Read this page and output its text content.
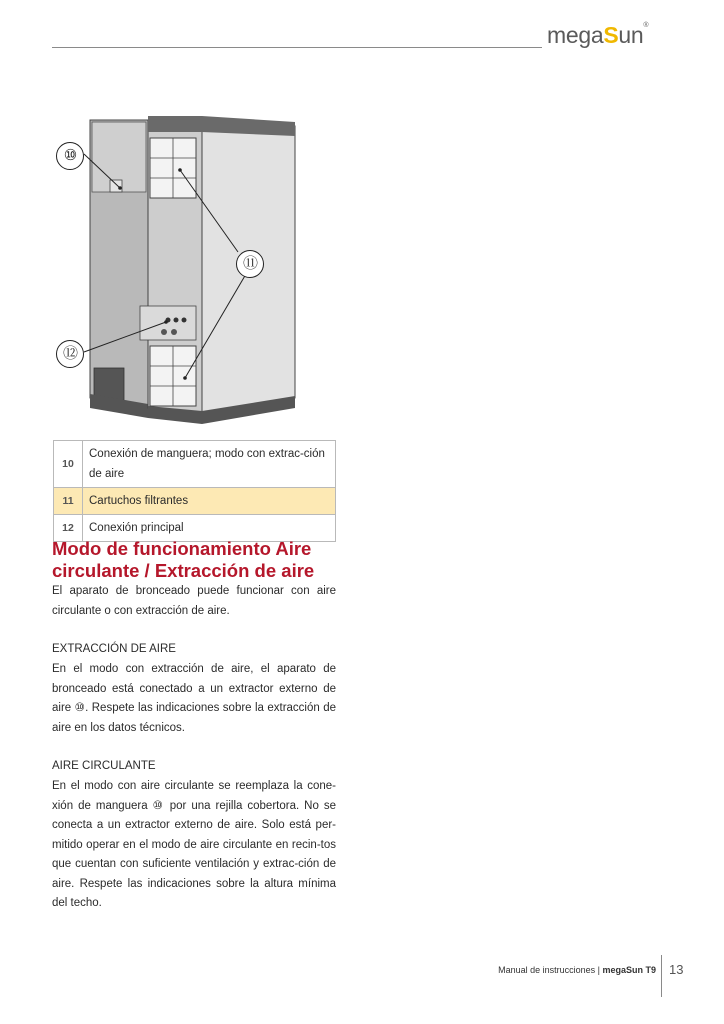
megaSun®
⑩
⑪
⑫
10	Conexión de manguera; modo con extrac-ción de aire
11	Cartuchos filtrantes
12	Conexión principal
Modo de funcionamiento Aire circulante / Extracción de aire

El aparato de bronceado puede funcionar con aire circulante o con extracción de aire.

EXTRACCIÓN DE AIRE

En el modo con extracción de aire, el aparato de bronceado está conectado a un extractor externo de aire ⑩. Respete las indicaciones sobre la extracción de aire en los datos técnicos.

AIRE CIRCULANTE

En el modo con aire circulante se reemplaza la cone-xión de manguera ⑩ por una rejilla cobertora. No se conecta a un extractor externo de aire. Solo está per-mitido operar en el modo de aire circulante en recin-tos que cuentan con suficiente ventilación y extrac-ción de aire. Respete las indicaciones sobre la altura mínima del techo.

Manual de instrucciones | megaSun T9 13
